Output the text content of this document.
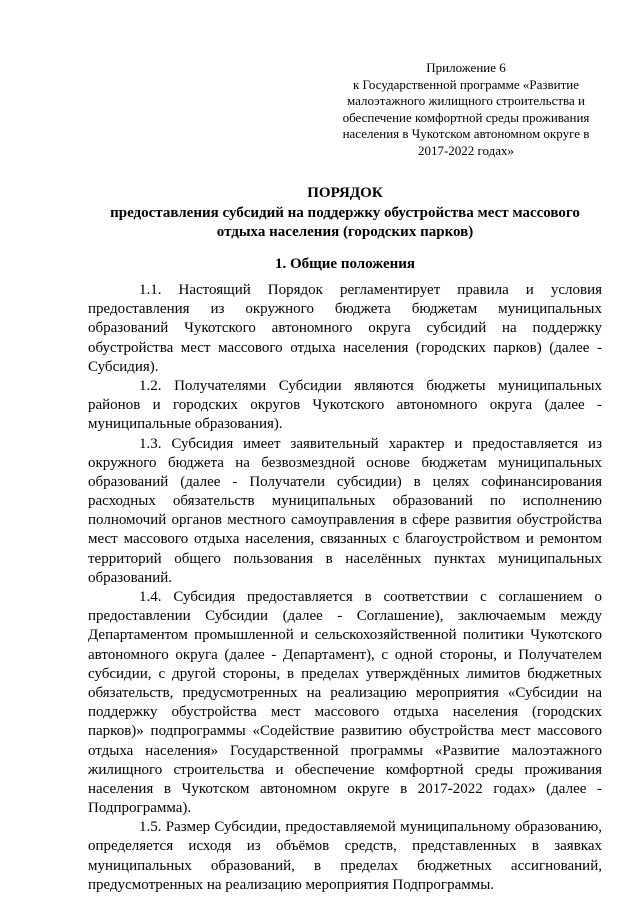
Приложение 6
к Государственной программе «Развитие
малоэтажного жилищного строительства и
обеспечение комфортной среды проживания
населения в Чукотском автономном округе в
2017-2022 годах»
ПОРЯДОК
предоставления субсидий на поддержку обустройства мест массового
отдыха населения (городских парков)
1. Общие положения
1.1. Настоящий Порядок регламентирует правила и условия
предоставления из окружного бюджета бюджетам муниципальных
образований Чукотского автономного округа субсидий на поддержку
обустройства мест массового отдыха населения (городских парков) (далее -
Субсидия).
1.2. Получателями Субсидии являются бюджеты муниципальных
районов и городских округов Чукотского автономного округа (далее -
муниципальные образования).
1.3. Субсидия имеет заявительный характер и предоставляется из
окружного бюджета на безвозмездной основе бюджетам муниципальных
образований (далее - Получатели субсидии) в целях софинансирования
расходных обязательств муниципальных образований по исполнению
полномочий органов местного самоуправления в сфере развития обустройства
мест массового отдыха населения, связанных с благоустройством и ремонтом
территорий общего пользования в населённых пунктах муниципальных
образований.
1.4. Субсидия предоставляется в соответствии с соглашением о
предоставлении Субсидии (далее - Соглашение), заключаемым между
Департаментом промышленной и сельскохозяйственной политики Чукотского
автономного округа (далее - Департамент), с одной стороны, и Получателем
субсидии, с другой стороны, в пределах утверждённых лимитов бюджетных
обязательств, предусмотренных на реализацию мероприятия «Субсидии на
поддержку обустройства мест массового отдыха населения (городских
парков)» подпрограммы «Содействие развитию обустройства мест массового
отдыха населения» Государственной программы «Развитие малоэтажного
жилищного строительства и обеспечение комфортной среды проживания
населения в Чукотском автономном округе в 2017-2022 годах» (далее -
Подпрограмма).
1.5. Размер Субсидии, предоставляемой муниципальному образованию,
определяется исходя из объёмов средств, представленных в заявках
муниципальных образований, в пределах бюджетных ассигнований,
предусмотренных на реализацию мероприятия Подпрограммы.
